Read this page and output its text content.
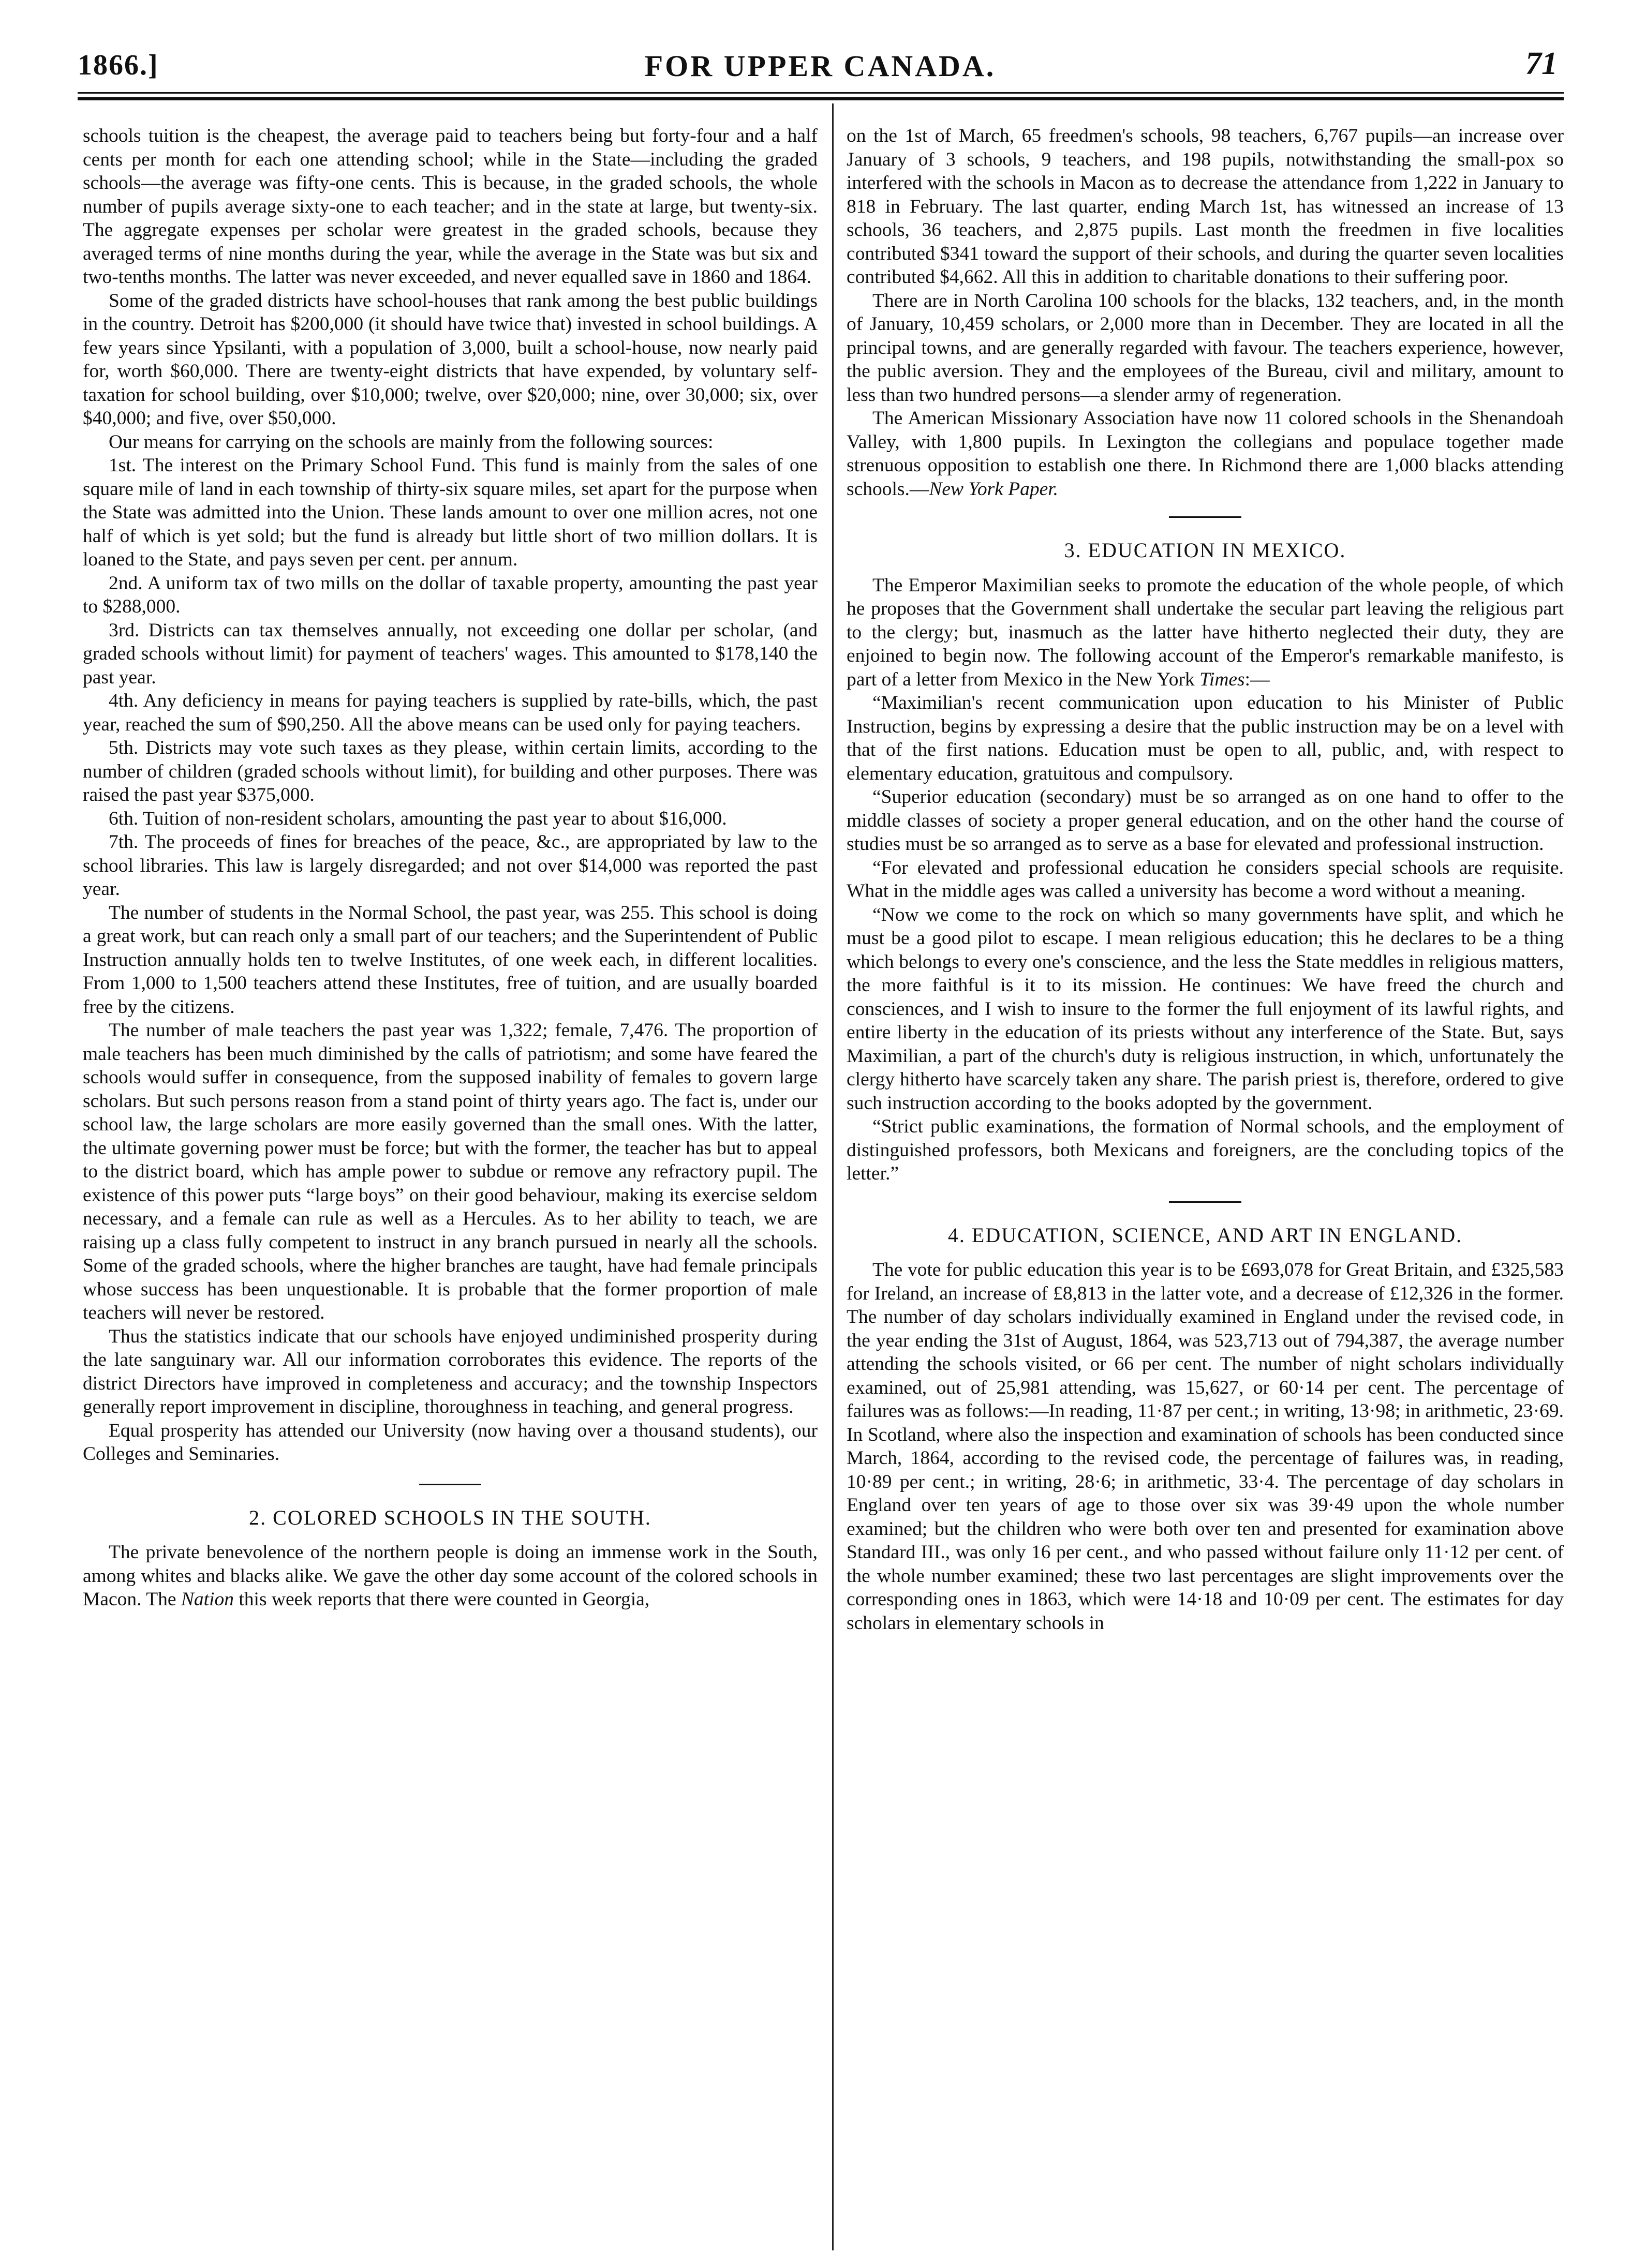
1866.]	FOR UPPER CANADA.	71

schools tuition is the cheapest, the average paid to teachers being but forty-four and a half cents per month for each one attending school; while in the State—including the graded schools—the average was fifty-one cents. This is because, in the graded schools, the whole number of pupils average sixty-one to each teacher; and in the state at large, but twenty-six. The aggregate expenses per scholar were greatest in the graded schools, because they averaged terms of nine months during the year, while the average in the State was but six and two-tenths months. The latter was never exceeded, and never equalled save in 1860 and 1864.

Some of the graded districts have school-houses that rank among the best public buildings in the country. Detroit has $200,000 (it should have twice that) invested in school buildings. A few years since Ypsilanti, with a population of 3,000, built a school-house, now nearly paid for, worth $60,000. There are twenty-eight districts that have expended, by voluntary self-taxation for school building, over $10,000; twelve, over $20,000; nine, over 30,000; six, over $40,000; and five, over $50,000.

Our means for carrying on the schools are mainly from the following sources:

1st. The interest on the Primary School Fund. This fund is mainly from the sales of one square mile of land in each township of thirty-six square miles, set apart for the purpose when the State was admitted into the Union. These lands amount to over one million acres, not one half of which is yet sold; but the fund is already but little short of two million dollars. It is loaned to the State, and pays seven per cent. per annum.

2nd. A uniform tax of two mills on the dollar of taxable property, amounting the past year to $288,000.

3rd. Districts can tax themselves annually, not exceeding one dollar per scholar, (and graded schools without limit) for payment of teachers' wages. This amounted to $178,140 the past year.

4th. Any deficiency in means for paying teachers is supplied by rate-bills, which, the past year, reached the sum of $90,250. All the above means can be used only for paying teachers.

5th. Districts may vote such taxes as they please, within certain limits, according to the number of children (graded schools without limit), for building and other purposes. There was raised the past year $375,000.

6th. Tuition of non-resident scholars, amounting the past year to about $16,000.

7th. The proceeds of fines for breaches of the peace, &c., are appropriated by law to the school libraries. This law is largely disregarded; and not over $14,000 was reported the past year.

The number of students in the Normal School, the past year, was 255. This school is doing a great work, but can reach only a small part of our teachers; and the Superintendent of Public Instruction annually holds ten to twelve Institutes, of one week each, in different localities. From 1,000 to 1,500 teachers attend these Institutes, free of tuition, and are usually boarded free by the citizens.

The number of male teachers the past year was 1,322; female, 7,476. The proportion of male teachers has been much diminished by the calls of patriotism; and some have feared the schools would suffer in consequence, from the supposed inability of females to govern large scholars. But such persons reason from a stand point of thirty years ago. The fact is, under our school law, the large scholars are more easily governed than the small ones. With the latter, the ultimate governing power must be force; but with the former, the teacher has but to appeal to the district board, which has ample power to subdue or remove any refractory pupil. The existence of this power puts “large boys” on their good behaviour, making its exercise seldom necessary, and a female can rule as well as a Hercules. As to her ability to teach, we are raising up a class fully competent to instruct in any branch pursued in nearly all the schools. Some of the graded schools, where the higher branches are taught, have had female principals whose success has been unquestionable. It is probable that the former proportion of male teachers will never be restored.

Thus the statistics indicate that our schools have enjoyed undiminished prosperity during the late sanguinary war. All our information corroborates this evidence. The reports of the district Directors have improved in completeness and accuracy; and the township Inspectors generally report improvement in discipline, thoroughness in teaching, and general progress.

Equal prosperity has attended our University (now having over a thousand students), our Colleges and Seminaries.

2. COLORED SCHOOLS IN THE SOUTH.

The private benevolence of the northern people is doing an immense work in the South, among whites and blacks alike. We gave the other day some account of the colored schools in Macon. The Nation this week reports that there were counted in Georgia,

on the 1st of March, 65 freedmen's schools, 98 teachers, 6,767 pupils—an increase over January of 3 schools, 9 teachers, and 198 pupils, notwithstanding the small-pox so interfered with the schools in Macon as to decrease the attendance from 1,222 in January to 818 in February. The last quarter, ending March 1st, has witnessed an increase of 13 schools, 36 teachers, and 2,875 pupils. Last month the freedmen in five localities contributed $341 toward the support of their schools, and during the quarter seven localities contributed $4,662. All this in addition to charitable donations to their suffering poor.

There are in North Carolina 100 schools for the blacks, 132 teachers, and, in the month of January, 10,459 scholars, or 2,000 more than in December. They are located in all the principal towns, and are generally regarded with favour. The teachers experience, however, the public aversion. They and the employees of the Bureau, civil and military, amount to less than two hundred persons—a slender army of regeneration.

The American Missionary Association have now 11 colored schools in the Shenandoah Valley, with 1,800 pupils. In Lexington the collegians and populace together made strenuous opposition to establish one there. In Richmond there are 1,000 blacks attending schools.—New York Paper.

3. EDUCATION IN MEXICO.

The Emperor Maximilian seeks to promote the education of the whole people, of which he proposes that the Government shall undertake the secular part leaving the religious part to the clergy; but, inasmuch as the latter have hitherto neglected their duty, they are enjoined to begin now. The following account of the Emperor's remarkable manifesto, is part of a letter from Mexico in the New York Times:—

“Maximilian's recent communication upon education to his Minister of Public Instruction, begins by expressing a desire that the public instruction may be on a level with that of the first nations. Education must be open to all, public, and, with respect to elementary education, gratuitous and compulsory.

“Superior education (secondary) must be so arranged as on one hand to offer to the middle classes of society a proper general education, and on the other hand the course of studies must be so arranged as to serve as a base for elevated and professional instruction.

“For elevated and professional education he considers special schools are requisite. What in the middle ages was called a university has become a word without a meaning.

“Now we come to the rock on which so many governments have split, and which he must be a good pilot to escape. I mean religious education; this he declares to be a thing which belongs to every one's conscience, and the less the State meddles in religious matters, the more faithful is it to its mission. He continues: We have freed the church and consciences, and I wish to insure to the former the full enjoyment of its lawful rights, and entire liberty in the education of its priests without any interference of the State. But, says Maximilian, a part of the church's duty is religious instruction, in which, unfortunately the clergy hitherto have scarcely taken any share. The parish priest is, therefore, ordered to give such instruction according to the books adopted by the government.

“Strict public examinations, the formation of Normal schools, and the employment of distinguished professors, both Mexicans and foreigners, are the concluding topics of the letter.”

4. EDUCATION, SCIENCE, AND ART IN ENGLAND.

The vote for public education this year is to be £693,078 for Great Britain, and £325,583 for Ireland, an increase of £8,813 in the latter vote, and a decrease of £12,326 in the former. The number of day scholars individually examined in England under the revised code, in the year ending the 31st of August, 1864, was 523,713 out of 794,387, the average number attending the schools visited, or 66 per cent. The number of night scholars individually examined, out of 25,981 attending, was 15,627, or 60·14 per cent. The percentage of failures was as follows:—In reading, 11·87 per cent.; in writing, 13·98; in arithmetic, 23·69. In Scotland, where also the inspection and examination of schools has been conducted since March, 1864, according to the revised code, the percentage of failures was, in reading, 10·89 per cent.; in writing, 28·6; in arithmetic, 33·4. The percentage of day scholars in England over ten years of age to those over six was 39·49 upon the whole number examined; but the children who were both over ten and presented for examination above Standard III., was only 16 per cent., and who passed without failure only 11·12 per cent. of the whole number examined; these two last percentages are slight improvements over the corresponding ones in 1863, which were 14·18 and 10·09 per cent. The estimates for day scholars in elementary schools in
